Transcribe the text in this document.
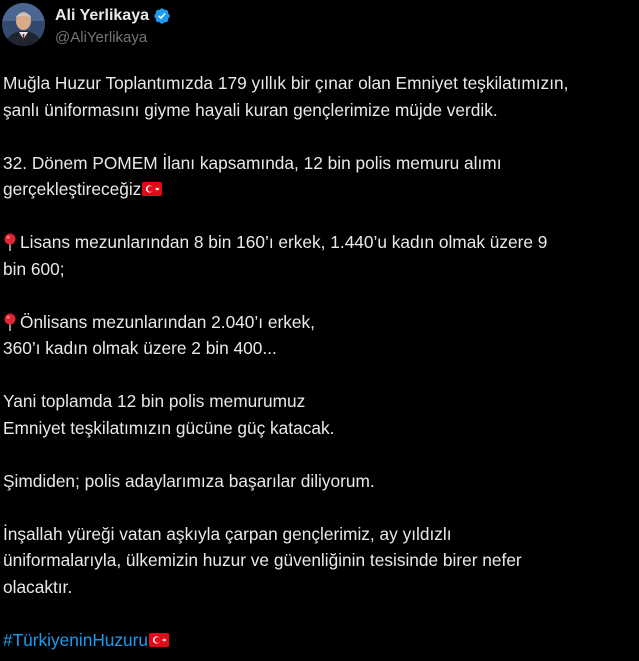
Ali Yerlikaya
@AliYerlikaya

Muğla Huzur Toplantımızda 179 yıllık bir çınar olan Emniyet teşkilatımızın,
şanlı üniformasını giyme hayali kuran gençlerimize müjde verdik.

32. Dönem POMEM İlanı kapsamında, 12 bin polis memuru alımı
gerçekleştireceğiz

Lisans mezunlarından 8 bin 160’ı erkek, 1.440’u kadın olmak üzere 9
bin 600;

Önlisans mezunlarından 2.040’ı erkek,
360’ı kadın olmak üzere 2 bin 400...

Yani toplamda 12 bin polis memurumuz
Emniyet teşkilatımızın gücüne güç katacak.

Şimdiden; polis adaylarımıza başarılar diliyorum.

İnşallah yüreği vatan aşkıyla çarpan gençlerimiz, ay yıldızlı
üniformalarıyla, ülkemizin huzur ve güvenliğinin tesisinde birer nefer
olacaktır.

#TürkiyeninHuzuru
